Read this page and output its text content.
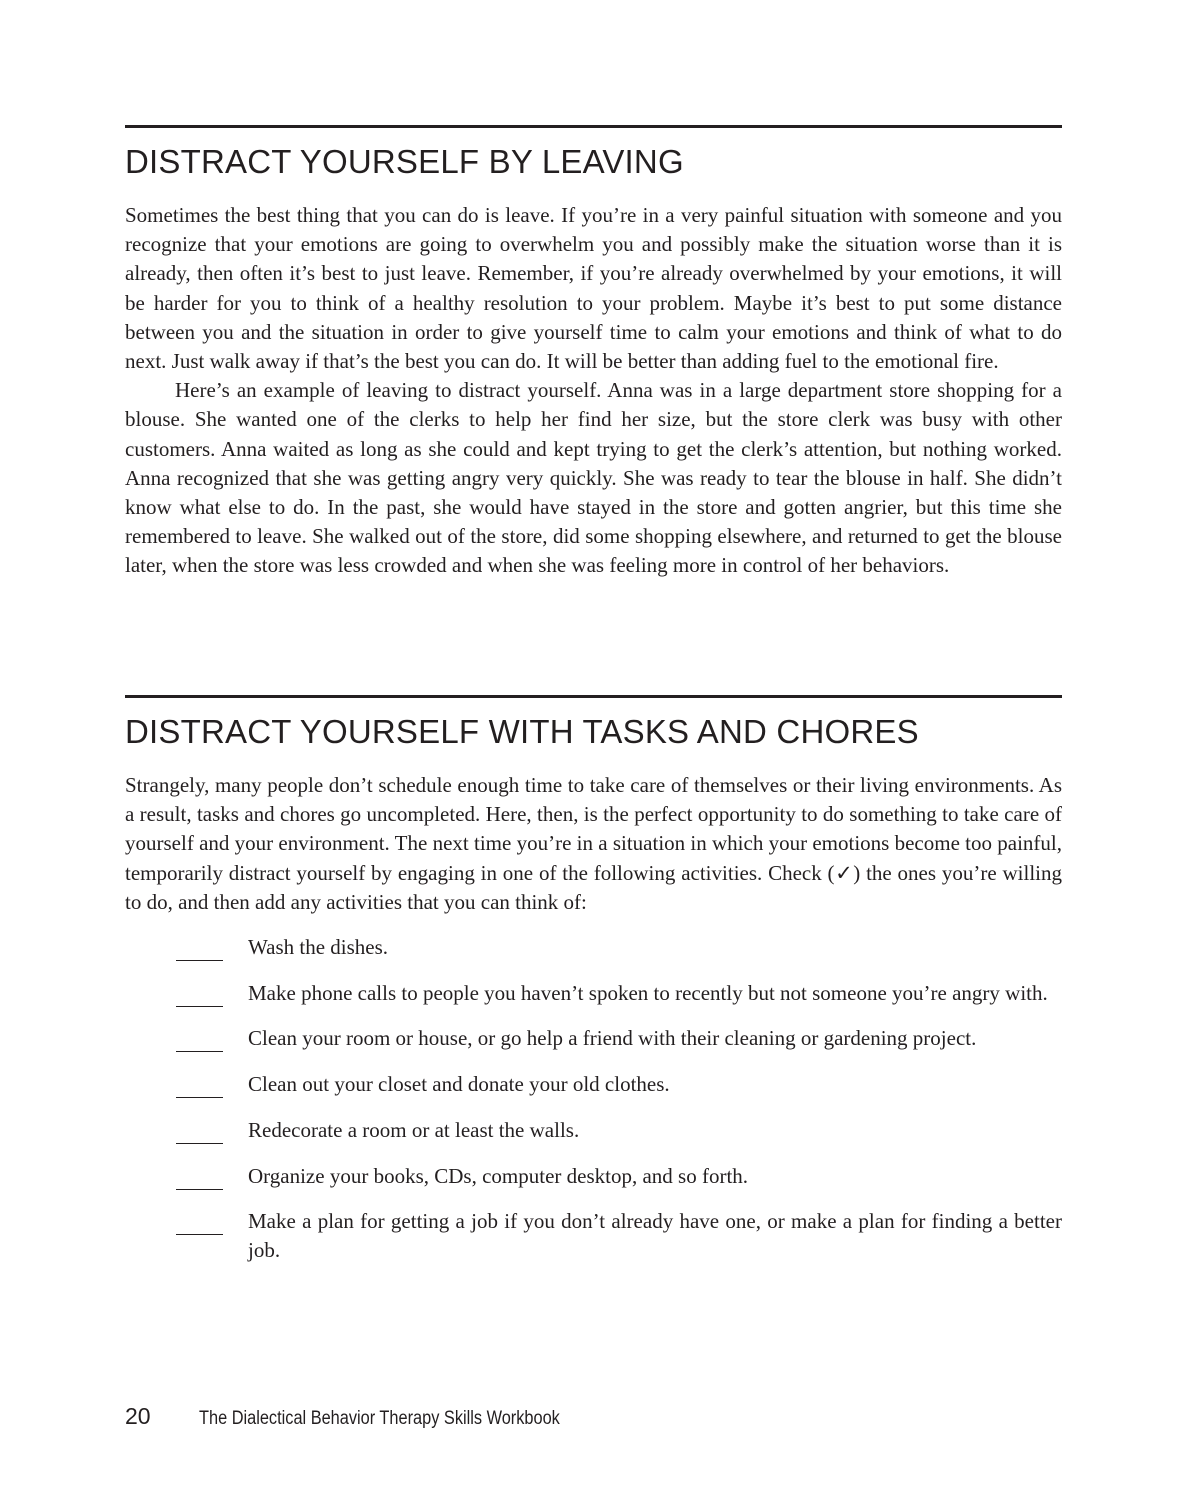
DISTRACT YOURSELF BY LEAVING

Sometimes the best thing that you can do is leave. If you’re in a very painful situation with someone and you recognize that your emotions are going to overwhelm you and possibly make the situation worse than it is already, then often it’s best to just leave. Remember, if you’re already overwhelmed by your emotions, it will be harder for you to think of a healthy resolution to your problem. Maybe it’s best to put some distance between you and the situation in order to give yourself time to calm your emotions and think of what to do next. Just walk away if that’s the best you can do. It will be better than adding fuel to the emotional fire.

Here’s an example of leaving to distract yourself. Anna was in a large department store shopping for a blouse. She wanted one of the clerks to help her find her size, but the store clerk was busy with other customers. Anna waited as long as she could and kept trying to get the clerk’s attention, but nothing worked. Anna recognized that she was getting angry very quickly. She was ready to tear the blouse in half. She didn’t know what else to do. In the past, she would have stayed in the store and gotten angrier, but this time she remembered to leave. She walked out of the store, did some shopping elsewhere, and returned to get the blouse later, when the store was less crowded and when she was feeling more in control of her behaviors.

DISTRACT YOURSELF WITH TASKS AND CHORES

Strangely, many people don’t schedule enough time to take care of themselves or their living environments. As a result, tasks and chores go uncompleted. Here, then, is the perfect opportunity to do something to take care of yourself and your environment. The next time you’re in a situation in which your emotions become too painful, temporarily distract yourself by engaging in one of the following activities. Check (✓) the ones you’re willing to do, and then add any activities that you can think of:

Wash the dishes.
Make phone calls to people you haven’t spoken to recently but not someone you’re angry with.
Clean your room or house, or go help a friend with their cleaning or gardening project.
Clean out your closet and donate your old clothes.
Redecorate a room or at least the walls.
Organize your books, CDs, computer desktop, and so forth.
Make a plan for getting a job if you don’t already have one, or make a plan for finding a better job.
20	The Dialectical Behavior Therapy Skills Workbook
